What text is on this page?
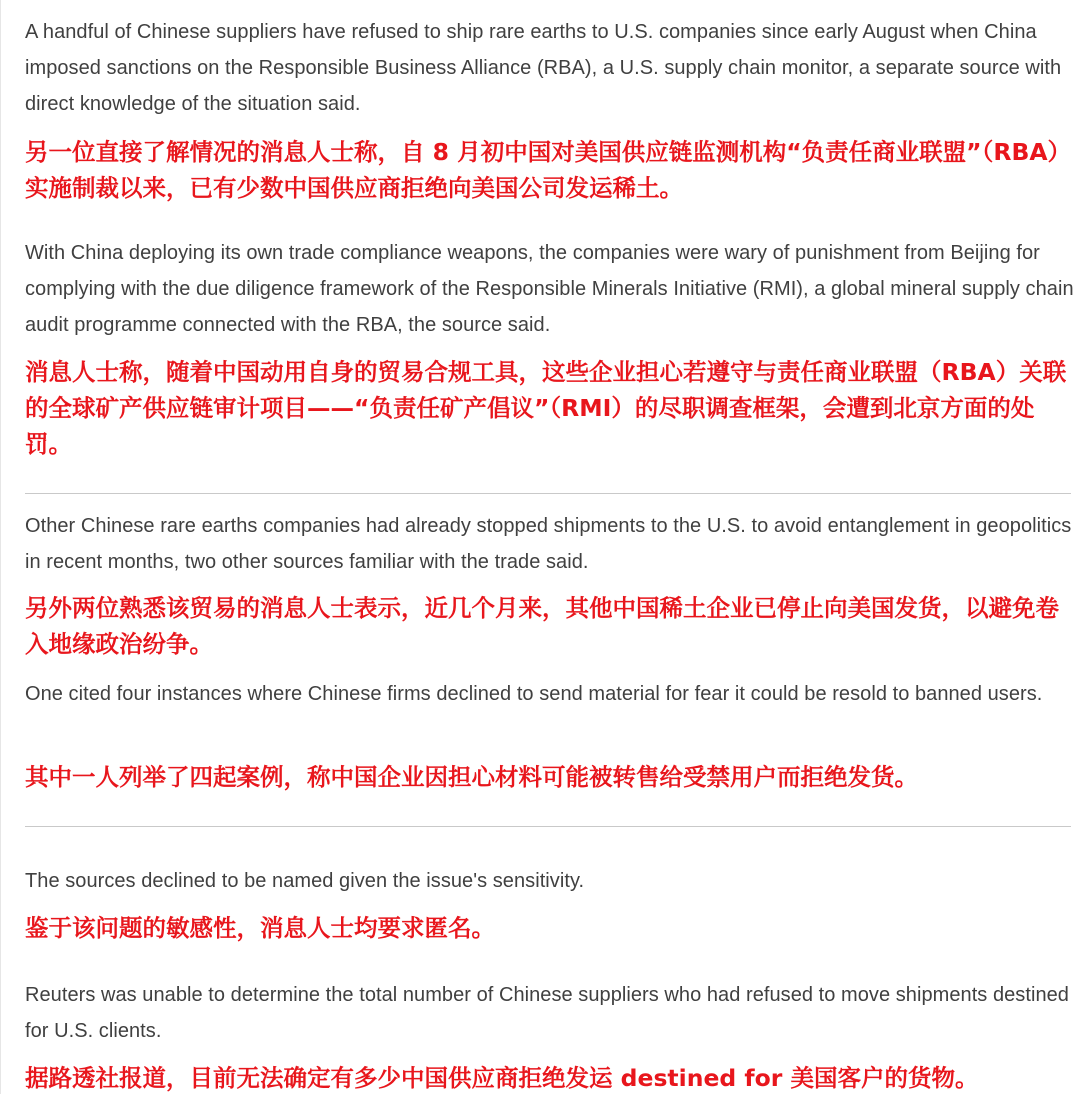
A handful of Chinese suppliers have refused to ship rare earths to U.S. companies since early August when China imposed sanctions on the Responsible Business Alliance (RBA), a U.S. supply chain monitor, a separate source with direct knowledge of the situation said.

另一位直接了解情况的消息人士称，自 8 月初中国对美国供应链监测机构“负责任商业联盟”（RBA）实施制裁以来，已有少数中国供应商拒绝向美国公司发运稀土。

With China deploying its own trade compliance weapons, the companies were wary of punishment from Beijing for complying with the due diligence framework of the Responsible Minerals Initiative (RMI), a global mineral supply chain audit programme connected with the RBA, the source said.

消息人士称，随着中国动用自身的贸易合规工具，这些企业担心若遵守与责任商业联盟（RBA）关联的全球矿产供应链审计项目——“负责任矿产倡议”（RMI）的尽职调查框架，会遭到北京方面的处罚。

Other Chinese rare earths companies had already stopped shipments to the U.S. to avoid entanglement in geopolitics in recent months, two other sources familiar with the trade said.

另外两位熟悉该贸易的消息人士表示，近几个月来，其他中国稀土企业已停止向美国发货，以避免卷入地缘政治纷争。

One cited four instances where Chinese firms declined to send material for fear it could be resold to banned users.

其中一人列举了四起案例，称中国企业因担心材料可能被转售给受禁用户而拒绝发货。

The sources declined to be named given the issue's sensitivity.

鉴于该问题的敏感性，消息人士均要求匿名。

Reuters was unable to determine the total number of Chinese suppliers who had refused to move shipments destined for U.S. clients.

据路透社报道，目前无法确定有多少中国供应商拒绝发运 destined for 美国客户的货物。
